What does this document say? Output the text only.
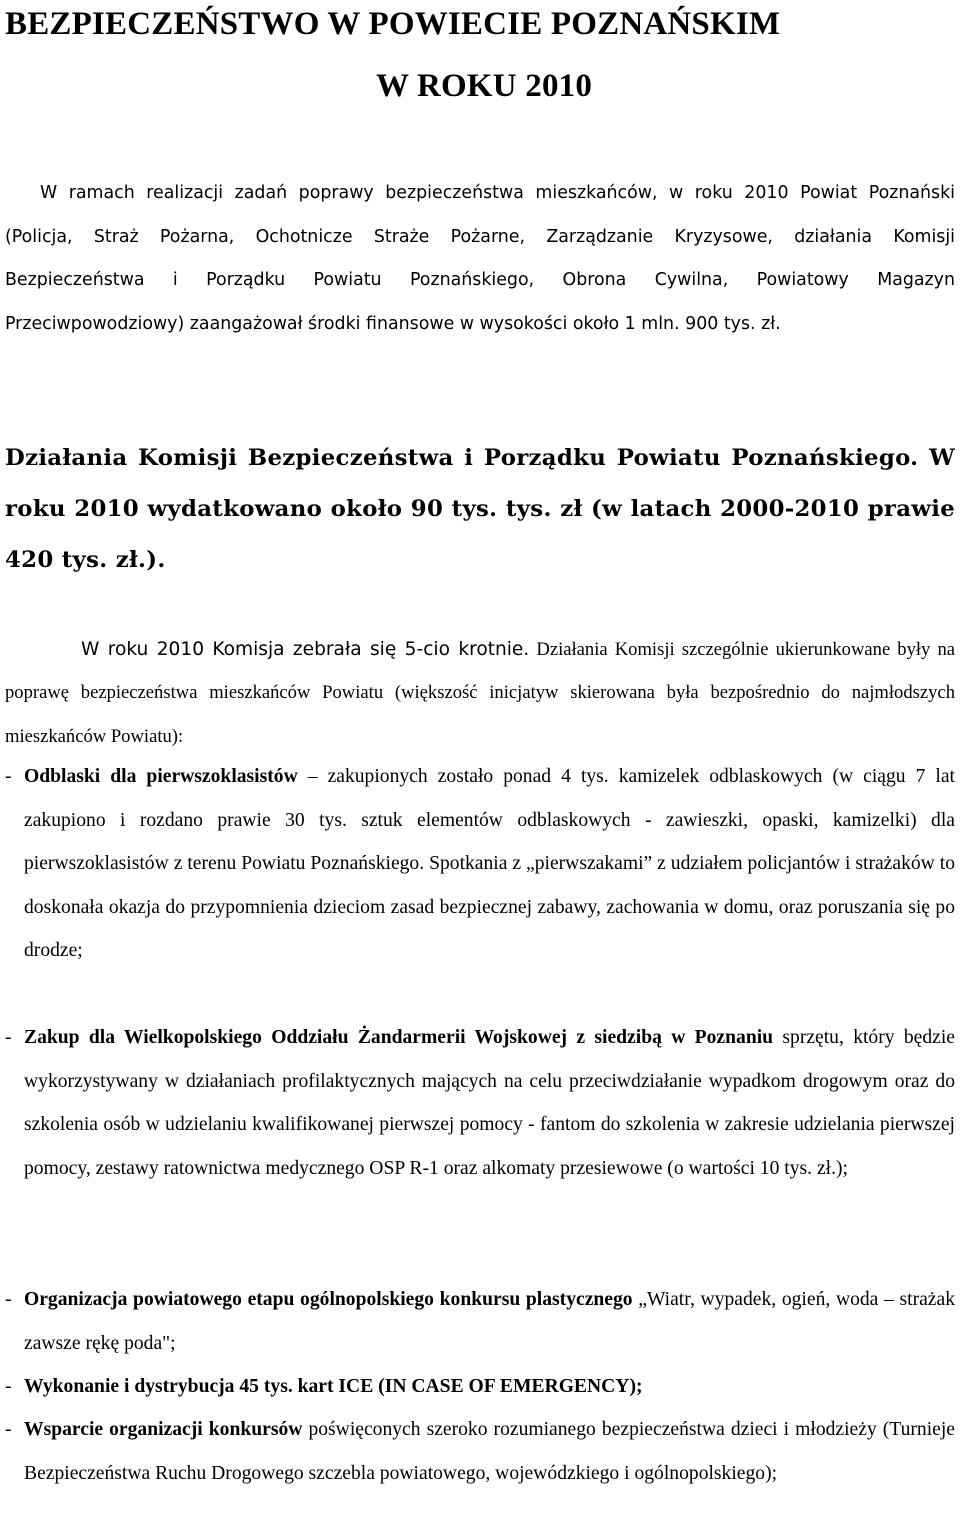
BEZPIECZEŃSTWO W POWIECIE POZNAŃSKIM
W ROKU 2010

W ramach realizacji zadań poprawy bezpieczeństwa mieszkańców, w roku 2010 Powiat Poznański (Policja, Straż Pożarna, Ochotnicze Straże Pożarne, Zarządzanie Kryzysowe, działania Komisji Bezpieczeństwa i Porządku Powiatu Poznańskiego, Obrona Cywilna, Powiatowy Magazyn Przeciwpowodziowy) zaangażował środki finansowe w wysokości około 1 mln. 900 tys. zł.

Działania Komisji Bezpieczeństwa i Porządku Powiatu Poznańskiego. W roku 2010 wydatkowano około 90 tys. tys. zł (w latach 2000-2010 prawie 420 tys. zł.).

W roku 2010 Komisja zebrała się 5-cio krotnie. Działania Komisji szczególnie ukierunkowane były na poprawę bezpieczeństwa mieszkańców Powiatu (większość inicjatyw skierowana była bezpośrednio do najmłodszych mieszkańców Powiatu):

- Odblaski dla pierwszoklasistów – zakupionych zostało ponad 4 tys. kamizelek odblaskowych (w ciągu 7 lat zakupiono i rozdano prawie 30 tys. sztuk elementów odblaskowych - zawieszki, opaski, kamizelki) dla pierwszoklasistów z terenu Powiatu Poznańskiego. Spotkania z „pierwszakami” z udziałem policjantów i strażaków to doskonała okazja do przypomnienia dzieciom zasad bezpiecznej zabawy, zachowania w domu, oraz poruszania się po drodze;
- Zakup dla Wielkopolskiego Oddziału Żandarmerii Wojskowej z siedzibą w Poznaniu sprzętu, który będzie wykorzystywany w działaniach profilaktycznych mających na celu przeciwdziałanie wypadkom drogowym oraz do szkolenia osób w udzielaniu kwalifikowanej pierwszej pomocy - fantom do szkolenia w zakresie udzielania pierwszej pomocy, zestawy ratownictwa medycznego OSP R-1 oraz alkomaty przesiewowe (o wartości 10 tys. zł.);
- Organizacja powiatowego etapu ogólnopolskiego konkursu plastycznego „Wiatr, wypadek, ogień, woda – strażak zawsze rękę poda";
- Wykonanie i dystrybucja 45 tys. kart ICE (IN CASE OF EMERGENCY);
- Wsparcie organizacji konkursów poświęconych szeroko rozumianego bezpieczeństwa dzieci i młodzieży (Turnieje Bezpieczeństwa Ruchu Drogowego szczebla powiatowego, wojewódzkiego i ogólnopolskiego);
